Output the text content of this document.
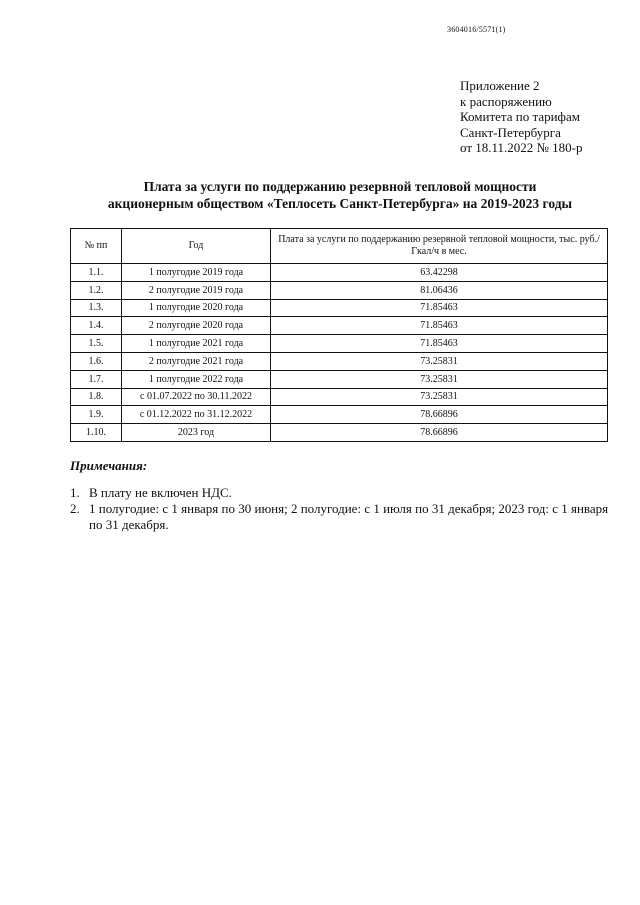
3604016/5571(1)
Приложение 2
к распоряжению
Комитета по тарифам
Санкт-Петербурга
от 18.11.2022 № 180-р
Плата за услуги по поддержанию резервной тепловой мощности
акционерным обществом «Теплосеть Санкт-Петербурга» на 2019-2023 годы
№ пп	Год	Плата за услуги по поддержанию резервной тепловой мощности, тыс. руб./Гкал/ч в мес.
1.1.	1 полугодие 2019 года	63.42298
1.2.	2 полугодие 2019 года	81.06436
1.3.	1 полугодие 2020 года	71.85463
1.4.	2 полугодие 2020 года	71.85463
1.5.	1 полугодие 2021 года	71.85463
1.6.	2 полугодие 2021 года	73.25831
1.7.	1 полугодие 2022 года	73.25831
1.8.	с 01.07.2022 по 30.11.2022	73.25831
1.9.	с 01.12.2022 по 31.12.2022	78.66896
1.10.	2023 год	78.66896
Примечания:
1. В плату не включен НДС.
2. 1 полугодие: с 1 января по 30 июня; 2 полугодие: с 1 июля по 31 декабря; 2023 год: с 1 января по 31 декабря.
